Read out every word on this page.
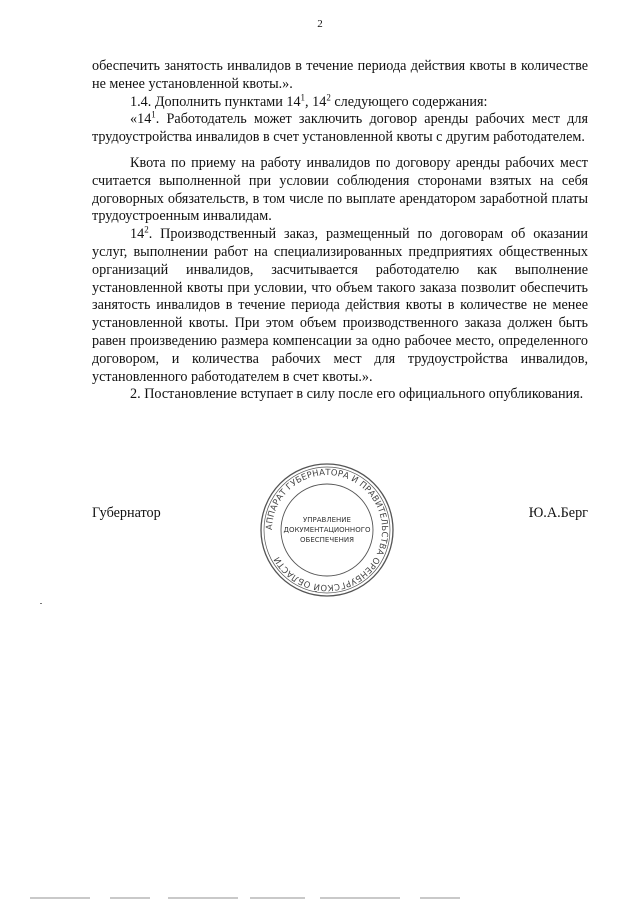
2

обеспечить занятость инвалидов в течение периода действия квоты в количестве не менее установленной квоты.».

1.4. Дополнить пунктами $14^1$, $14^2$ следующего содержания:

«$14^1$. Работодатель может заключить договор аренды рабочих мест для трудоустройства инвалидов в счет установленной квоты с другим работодателем.

Квота по приему на работу инвалидов по договору аренды рабочих мест считается выполненной при условии соблюдения сторонами взятых на себя договорных обязательств, в том числе по выплате арендатором заработной платы трудоустроенным инвалидам.

$14^2$. Производственный заказ, размещенный по договорам об оказании услуг, выполнении работ на специализированных предприятиях общественных организаций инвалидов, засчитывается работодателю как выполнение установленной квоты при условии, что объем такого заказа позволит обеспечить занятость инвалидов в течение периода действия квоты в количестве не менее установленной квоты. При этом объем производственного заказа должен быть равен произведению размера компенсации за одно рабочее место, определенного договором, и количества рабочих мест для трудоустройства инвалидов, установленного работодателем в счет квоты.».

2. Постановление вступает в силу после его официального опубликования.

Губернатор	Ю.А.Берг
АППАРАТ ГУБЕРНАТОРА И ПРАВИТЕЛЬСТВА ОРЕНБУРГСКОЙ ОБЛАСТИ
УПРАВЛЕНИЕ
ДОКУМЕНТАЦИОННОГО
ОБЕСПЕЧЕНИЯ
